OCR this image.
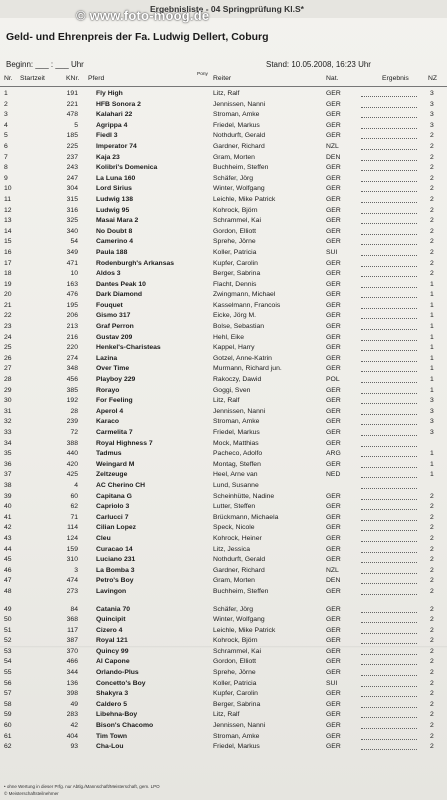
Ergebnisliste - 04 Springprüfung Kl.S*
© www.foto-moog.de
Geld- und Ehrenpreis der Fa. Ludwig Dellert, Coburg
Beginn: ___ : ___ Uhr	Stand: 10.05.2008, 16:23 Uhr
Nr. Startzeit	KNr. Pferd
Pony
Reiter	Nat.	Ergebnis	NZ
1	191	Fly High	Litz, Ralf	GER	3
2	221	HFB Sonora 2	Jennissen, Nanni	GER	3
3	478	Kalahari 22	Stroman, Amke	GER	3
4	5	Agrippa 4	Friedel, Markus	GER	3
5	185	Fiedl 3	Nothdurft, Gerald	GER	2
6	225	Imperator 74	Gardner, Richard	NZL	2
7	237	Kaja 23	Gram, Morten	DEN	2
8	243	Kolibri's Domenica	Buchheim, Steffen	GER	2
9	247	La Luna 160	Schäfer, Jörg	GER	2
10	304	Lord Sirius	Winter, Wolfgang	GER	2
11	315	Ludwig 138	Leichle, Mike Patrick	GER	2
12	316	Ludwig 95	Kohrock, Björn	GER	2
13	325	Masai Mara 2	Schrammel, Kai	GER	2
14	340	No Doubt 8	Gordon, Elliott	GER	2
15	54	Camerino 4	Sprehe, Jörne	GER	2
16	349	Paula 188	Koller, Patricia	SUI	2
17	471	Rodenburgh's Arkansas	Kupfer, Carolin	GER	2
18	10	Aldos 3	Berger, Sabrina	GER	2
19	163	Dantes Peak 10	Flacht, Dennis	GER	1
20	476	Dark Diamond	Zwingmann, Michael	GER	1
21	195	Fouquet	Kasselmann, Francois	GER	1
22	206	Gismo 317	Eicke, Jörg M.	GER	1
23	213	Graf Perron	Bolse, Sebastian	GER	1
24	216	Gustav 209	Hehl, Eike	GER	1
25	220	Henkel's-Charisteas	Kappel, Harry	GER	1
26	274	Lazina	Gotzel, Anne-Katrin	GER	1
27	348	Over Time	Murmann, Richard jun.	GER	1
28	456	Playboy 229	Rakoczy, Dawid	POL	1
29	385	Rorayo	Goggi, Sven	GER	1
30	192	For Feeling	Litz, Ralf	GER	3
31	28	Aperol 4	Jennissen, Nanni	GER	3
32	239	Karaco	Stroman, Amke	GER	3
33	72	Carmelita 7	Friedel, Markus	GER	3
34	388	Royal Highness 7	Mock, Matthias	GER
35	440	Tadmus	Pacheco, Adolfo	ARG	1
36	420	Weingard M	Montag, Steffen	GER	1
37	425	Zeltzeuge	Heel, Arne van	NED	1
38	4	AC Cherino CH	Lund, Susanne
39	60	Capitana G	Scheinhütte, Nadine	GER	2
40	62	Capriolo 3	Lutter, Steffen	GER	2
41	71	Carlucci 7	Brückmann, Michaela	GER	2
42	114	Cilian Lopez	Speck, Nicole	GER	2
43	124	Cleu	Kohrock, Heiner	GER	2
44	159	Curacao 14	Litz, Jessica	GER	2
45	310	Luciano 231	Nothdurft, Gerald	GER	2
46	3	La Bomba 3	Gardner, Richard	NZL	2
47	474	Petro's Boy	Gram, Morten	DEN	2
48	273	Lavingon	Buchheim, Steffen	GER	2
49	84	Catania 70	Schäfer, Jörg	GER	2
50	368	Quincipit	Winter, Wolfgang	GER	2
51	117	Cizero 4	Leichle, Mike Patrick	GER	2
52	387	Royal 121	Kohrock, Björn	GER	2
53	370	Quincy 99	Schrammel, Kai	GER	2
54	466	Al Capone	Gordon, Elliott	GER	2
55	344	Orlando-Plus	Sprehe, Jörne	GER	2
56	136	Concetto's Boy	Koller, Patricia	SUI	2
57	398	Shakyra 3	Kupfer, Carolin	GER	2
58	49	Caldero 5	Berger, Sabrina	GER	2
59	283	Libehna-Boy	Litz, Ralf	GER	2
60	42	Bison's Chacomo	Jennissen, Nanni	GER	2
61	404	Tim Town	Stroman, Amke	GER	2
62	93	Cha-Lou	Friedel, Markus	GER	2
• ohne Wertung in dieser Prfg. nur Abtlg./Mannschaft/Meisterschaft, gem. LPO
© Meisterschaftsteilnehmer
